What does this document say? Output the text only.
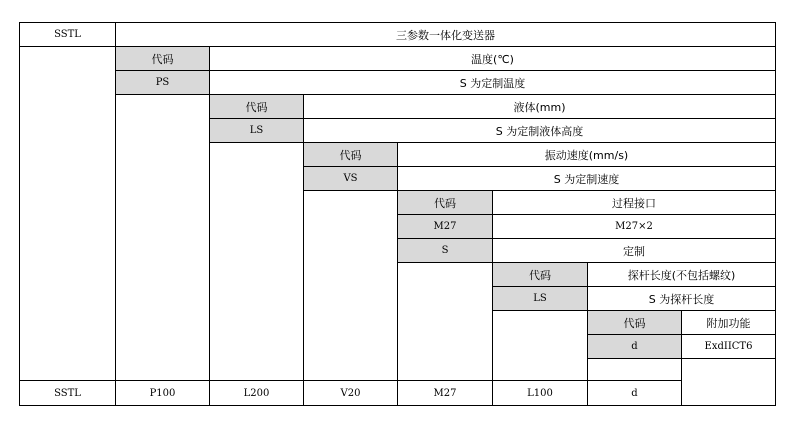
SSTL	三参数一体化变送器
代码	温度(℃)
PS	S 为定制温度
代码	液体(mm)
LS	S 为定制液体高度
代码	振动速度(mm/s)
VS	S 为定制速度
代码	过程接口
M27	M27×2
S	定制
代码	探杆长度(不包括螺纹)
LS	S 为探杆长度
代码	附加功能
d	ExdIICT6
SSTL	P100	L200	V20	M27	L100	d
